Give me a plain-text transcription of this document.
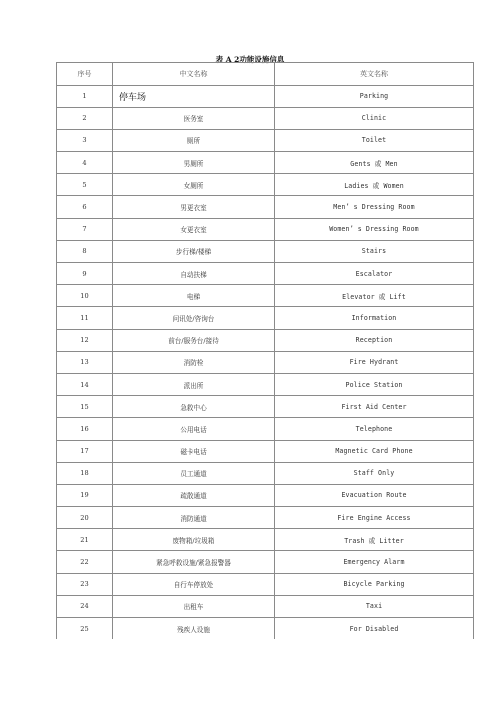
表 A 2功能设施信息
序号	中文名称	英文名称
1	停车场	Parking
2	医务室	Clinic
3	厕所	Toilet
4	男厕所	Gents 或 Men
5	女厕所	Ladies 或 Women
6	男更衣室	Men’ s Dressing Room
7	女更衣室	Women’ s Dressing Room
8	步行梯/楼梯	Stairs
9	自动扶梯	Escalator
10	电梯	Elevator 或 Lift
11	问讯处/咨询台	Information
12	前台/服务台/接待	Reception
13	消防栓	Fire Hydrant
14	派出所	Police Station
15	急救中心	First Aid Center
16	公用电话	Telephone
17	磁卡电话	Magnetic Card Phone
18	员工通道	Staff Only
19	疏散通道	Evacuation Route
20	消防通道	Fire Engine Access
21	废物箱/垃圾箱	Trash 或 Litter
22	紧急呼救设施/紧急报警器	Emergency Alarm
23	自行车停放处	Bicycle Parking
24	出租车	Taxi
25	残疾人设施	For Disabled
